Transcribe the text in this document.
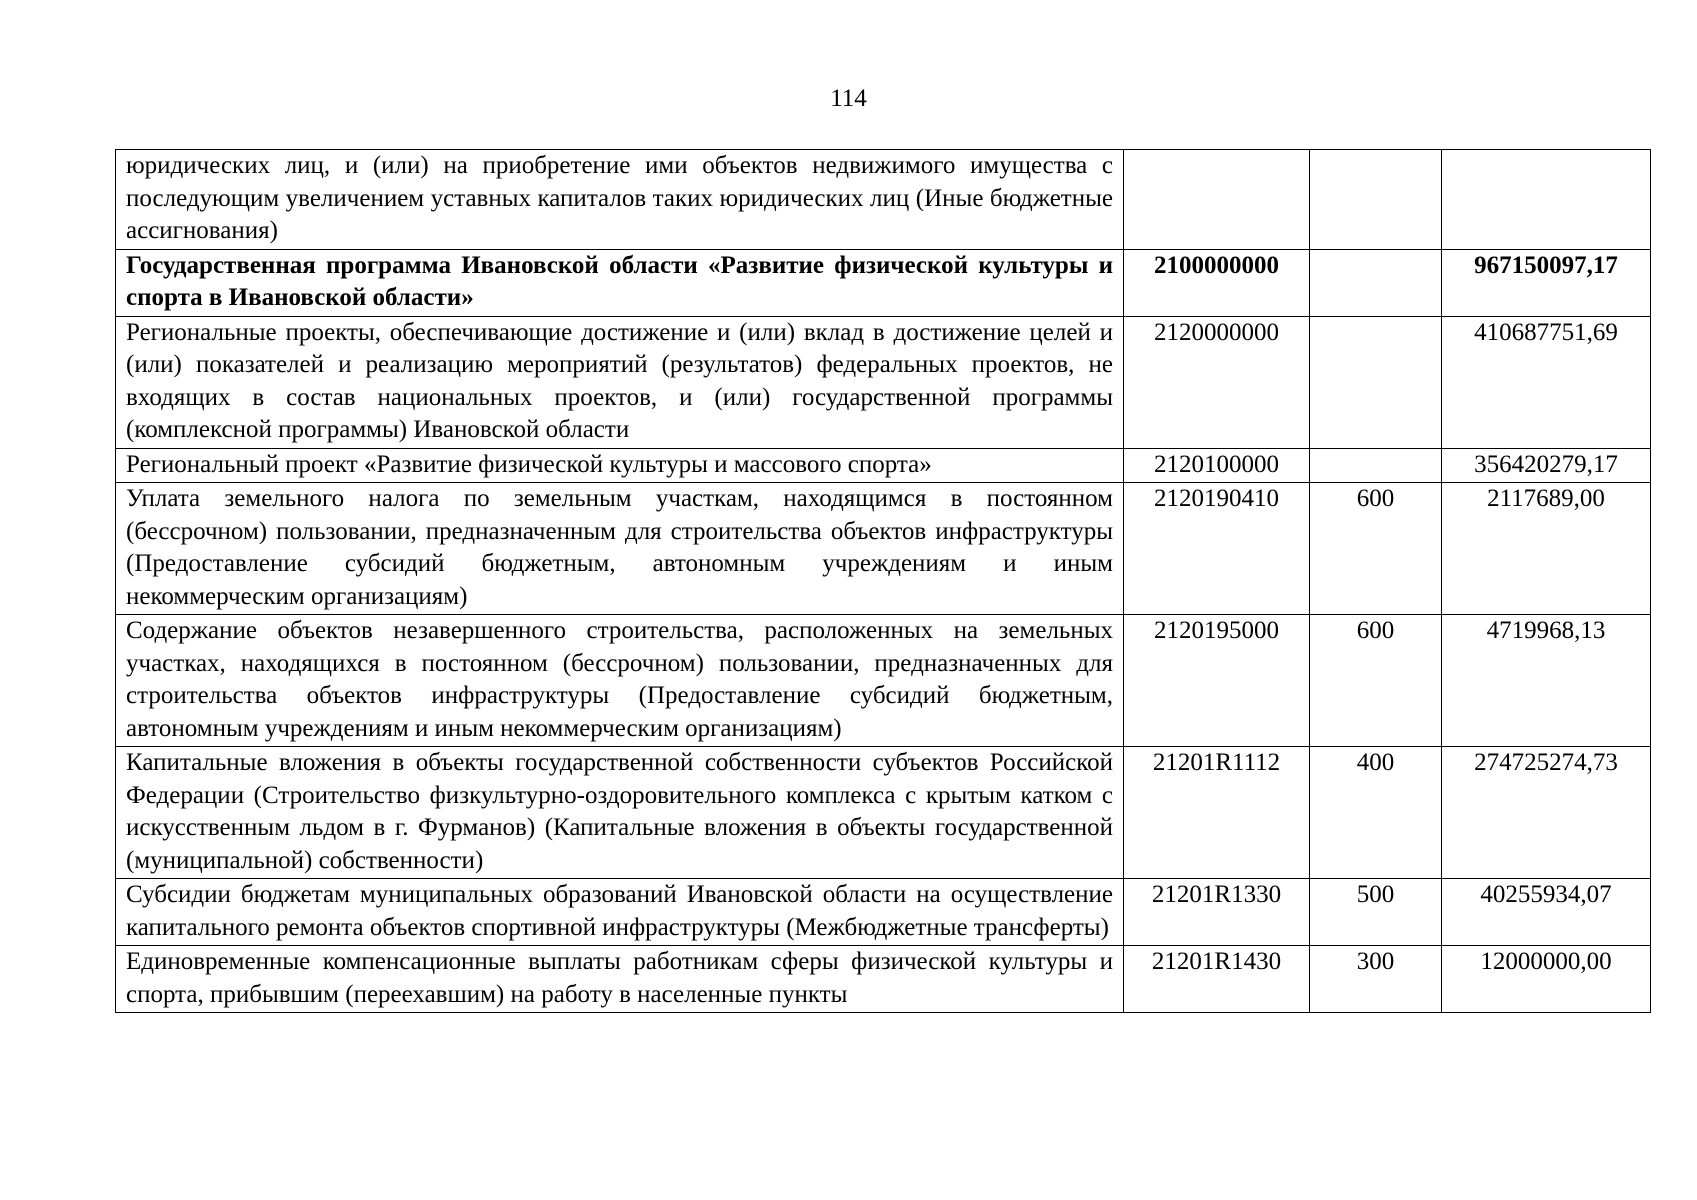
114
юридических лиц, и (или) на приобретение ими объектов недвижимого имущества с последующим увеличением уставных капиталов таких юридических лиц (Иные бюджетные ассигнования)			
Государственная программа Ивановской области «Развитие физической культуры и спорта в Ивановской области»	2100000000		967150097,17
Региональные проекты, обеспечивающие достижение и (или) вклад в достижение целей и (или) показателей и реализацию мероприятий (результатов) федеральных проектов, не входящих в состав национальных проектов, и (или) государственной программы (комплексной программы) Ивановской области	2120000000		410687751,69
Региональный проект «Развитие физической культуры и массового спорта»	2120100000		356420279,17
Уплата земельного налога по земельным участкам, находящимся в постоянном (бессрочном) пользовании, предназначенным для строительства объектов инфраструктуры (Предоставление субсидий бюджетным, автономным учреждениям и иным некоммерческим организациям)	2120190410	600	2117689,00
Содержание объектов незавершенного строительства, расположенных на земельных участках, находящихся в постоянном (бессрочном) пользовании, предназначенных для строительства объектов инфраструктуры (Предоставление субсидий бюджетным, автономным учреждениям и иным некоммерческим организациям)	2120195000	600	4719968,13
Капитальные вложения в объекты государственной собственности субъектов Российской Федерации (Строительство физкультурно-оздоровительного комплекса с крытым катком с искусственным льдом в г. Фурманов) (Капитальные вложения в объекты государственной (муниципальной) собственности)	21201R1112	400	274725274,73
Субсидии бюджетам муниципальных образований Ивановской области на осуществление капитального ремонта объектов спортивной инфраструктуры (Межбюджетные трансферты)	21201R1330	500	40255934,07
Единовременные компенсационные выплаты работникам сферы физической культуры и спорта, прибывшим (переехавшим) на работу в населенные пункты	21201R1430	300	12000000,00
